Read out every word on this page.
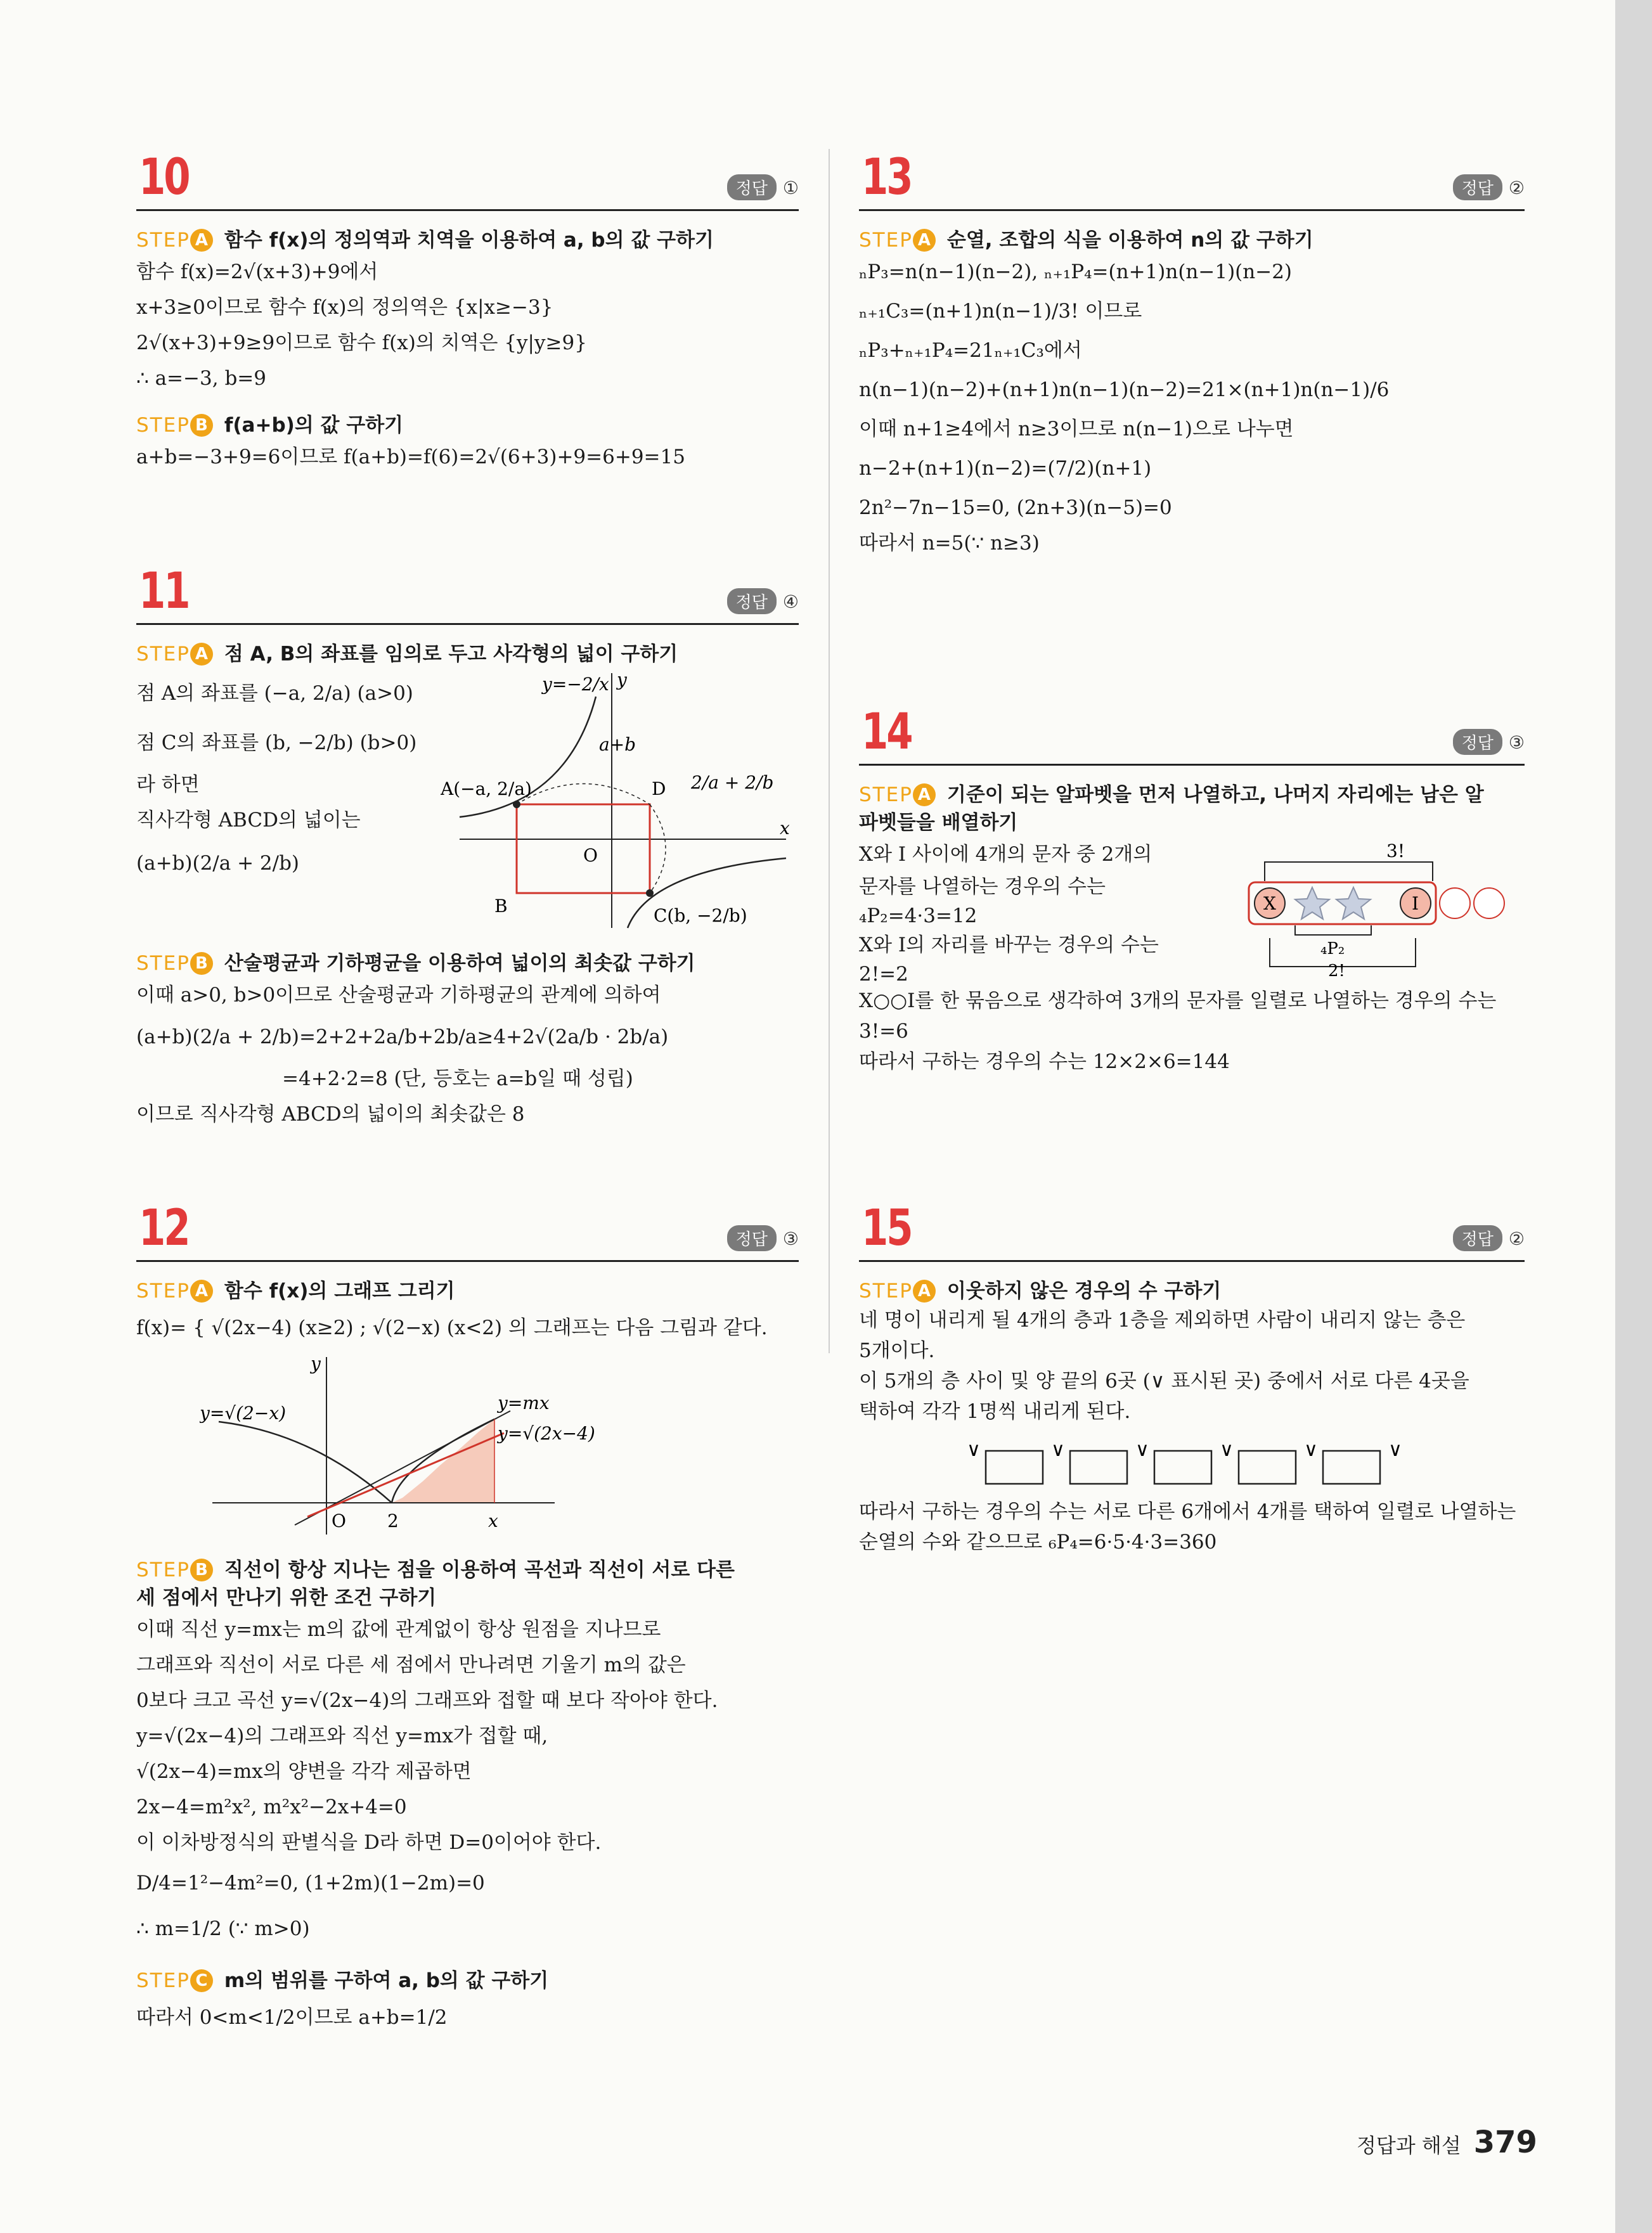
10	정답 ①
STEP A 함수 f(x)의 정의역과 치역을 이용하여 a, b의 값 구하기
함수 f(x)=2√(x+3)+9에서
x+3≥0이므로 함수 f(x)의 정의역은 {x|x≥−3}
2√(x+3)+9≥9이므로 함수 f(x)의 치역은 {y|y≥9}
∴ a=−3, b=9
STEP B f(a+b)의 값 구하기
a+b=−3+9=6이므로 f(a+b)=f(6)=2√(6+3)+9=6+9=15
11	정답 ④
STEP A 점 A, B의 좌표를 임의로 두고 사각형의 넓이 구하기
점 A의 좌표를 (−a, 2/a) (a>0)
점 C의 좌표를 (b, −2/b) (b>0)
라 하면
직사각형 ABCD의 넓이는
(a+b)(2/a + 2/b)
y=−2/x
a+b
2/a + 2/b
A(−a, 2/a)	D
B	C(b, −2/b)
O
x
y
STEP B 산술평균과 기하평균을 이용하여 넓이의 최솟값 구하기
이때 a>0, b>0이므로 산술평균과 기하평균의 관계에 의하여
(a+b)(2/a + 2/b)=2+2+2a/b+2b/a≥4+2√(2a/b · 2b/a)
=4+2·2=8 (단, 등호는 a=b일 때 성립)
이므로 직사각형 ABCD의 넓이의 최솟값은 8
12	정답 ③
STEP A 함수 f(x)의 그래프 그리기
f(x)= { √(2x−4) (x≥2) ; √(2−x) (x<2) 의 그래프는 다음 그림과 같다.
y=√(2−x)	y=mx
y=√(2x−4)
O 2	x
y
STEP B 직선이 항상 지나는 점을 이용하여 곡선과 직선이 서로 다른 세 점에서 만나기 위한 조건 구하기
이때 직선 y=mx는 m의 값에 관계없이 항상 원점을 지나므로
그래프와 직선이 서로 다른 세 점에서 만나려면 기울기 m의 값은
0보다 크고 곡선 y=√(2x−4)의 그래프와 접할 때 보다 작아야 한다.
y=√(2x−4)의 그래프와 직선 y=mx가 접할 때,
√(2x−4)=mx의 양변을 각각 제곱하면
2x−4=m²x², m²x²−2x+4=0
이 이차방정식의 판별식을 D라 하면 D=0이어야 한다.
D/4=1²−4m²=0, (1+2m)(1−2m)=0
∴ m=1/2 (∵ m>0)
STEP C m의 범위를 구하여 a, b의 값 구하기
따라서 0<m<1/2이므로 a+b=1/2
13	정답 ②
STEP A 순열, 조합의 식을 이용하여 n의 값 구하기
ₙP₃=n(n−1)(n−2), ₙ₊₁P₄=(n+1)n(n−1)(n−2)
ₙ₊₁C₃=(n+1)n(n−1)/3! 이므로
ₙP₃+ₙ₊₁P₄=21ₙ₊₁C₃에서
n(n−1)(n−2)+(n+1)n(n−1)(n−2)=21×(n+1)n(n−1)/6
이때 n+1≥4에서 n≥3이므로 n(n−1)으로 나누면
n−2+(n+1)(n−2)=(7/2)(n+1)
2n²−7n−15=0, (2n+3)(n−5)=0
따라서 n=5(∵ n≥3)
14	정답 ③
STEP A 기준이 되는 알파벳을 먼저 나열하고, 나머지 자리에는 남은 알파벳들을 배열하기
X와 I 사이에 4개의 문자 중 2개의
문자를 나열하는 경우의 수는
₄P₂=4·3=12
X와 I의 자리를 바꾸는 경우의 수는
2!=2
3!
X	I
₄P₂
2!
X○○I를 한 묶음으로 생각하여 3개의 문자를 일렬로 나열하는 경우의 수는
3!=6
따라서 구하는 경우의 수는 12×2×6=144
15	정답 ②
STEP A 이웃하지 않은 경우의 수 구하기
네 명이 내리게 될 4개의 층과 1층을 제외하면 사람이 내리지 않는 층은
5개이다.
이 5개의 층 사이 및 양 끝의 6곳 (∨ 표시된 곳) 중에서 서로 다른 4곳을
택하여 각각 1명씩 내리게 된다.
∨	∨	∨	∨	∨	∨
따라서 구하는 경우의 수는 서로 다른 6개에서 4개를 택하여 일렬로 나열하는
순열의 수와 같으므로 ₆P₄=6·5·4·3=360
정답과 해설 379
